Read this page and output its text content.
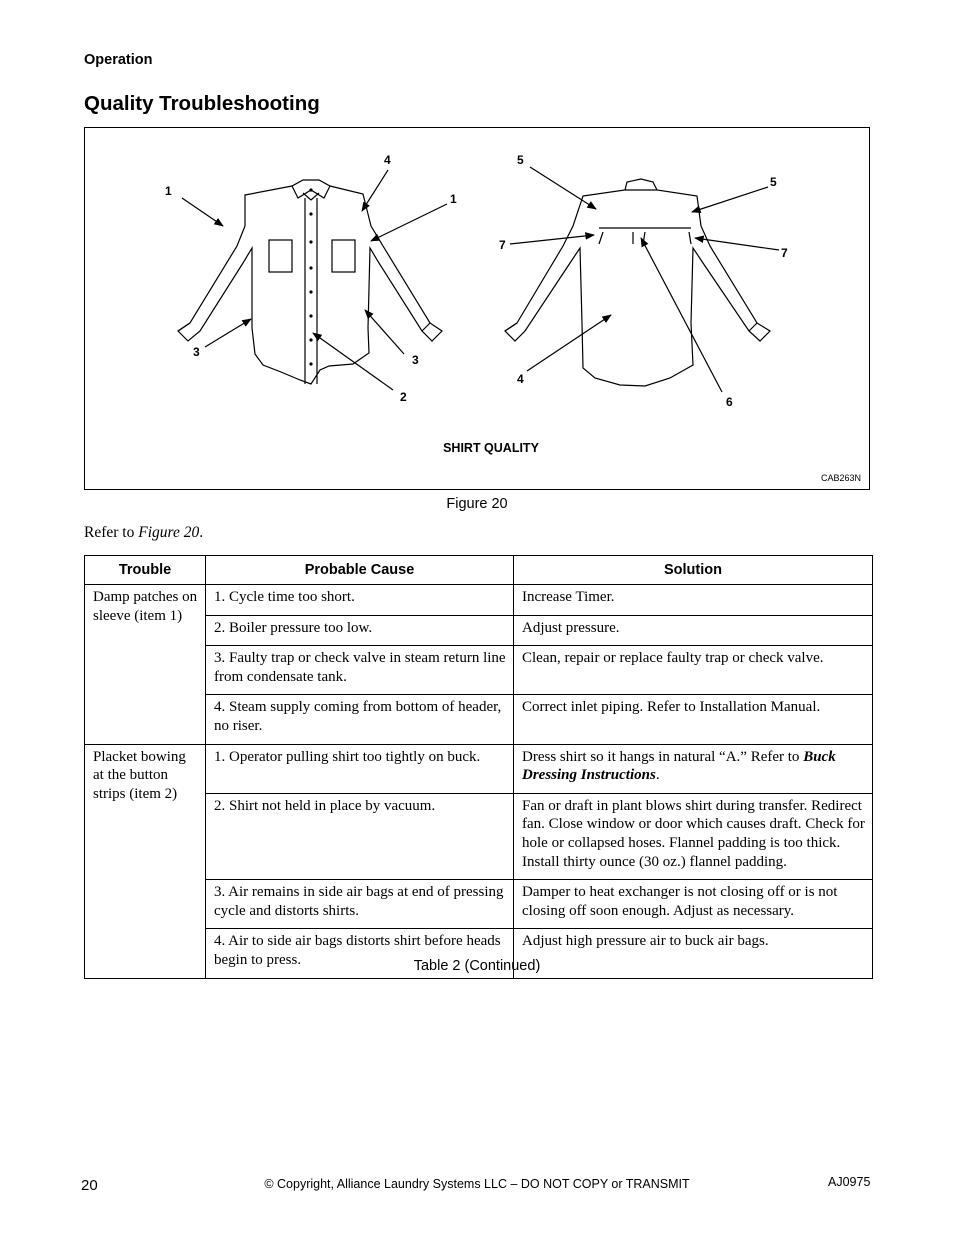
Operation
Quality Troubleshooting
1
4
1
3
3
2
5
5
7
7
4
6
SHIRT QUALITY
CAB263N
Figure 20
Refer to Figure 20.
Trouble	Probable Cause	Solution
Damp patches on sleeve (item 1)	1. Cycle time too short.	Increase Timer.
	2. Boiler pressure too low.	Adjust pressure.
	3. Faulty trap or check valve in steam return line from condensate tank.	Clean, repair or replace faulty trap or check valve.
	4. Steam supply coming from bottom of header, no riser.	Correct inlet piping. Refer to Installation Manual.
Placket bowing at the button strips (item 2)	1. Operator pulling shirt too tightly on buck.	Dress shirt so it hangs in natural “A.” Refer to Buck Dressing Instructions.
	2. Shirt not held in place by vacuum.	Fan or draft in plant blows shirt during transfer. Redirect fan. Close window or door which causes draft. Check for hole or collapsed hoses. Flannel padding is too thick. Install thirty ounce (30 oz.) flannel padding.
	3. Air remains in side air bags at end of pressing cycle and distorts shirts.	Damper to heat exchanger is not closing off or is not closing off soon enough. Adjust as necessary.
	4. Air to side air bags distorts shirt before heads begin to press.	Adjust high pressure air to buck air bags.
Table 2 (Continued)
20	© Copyright, Alliance Laundry Systems LLC – DO NOT COPY or TRANSMIT	AJ0975
